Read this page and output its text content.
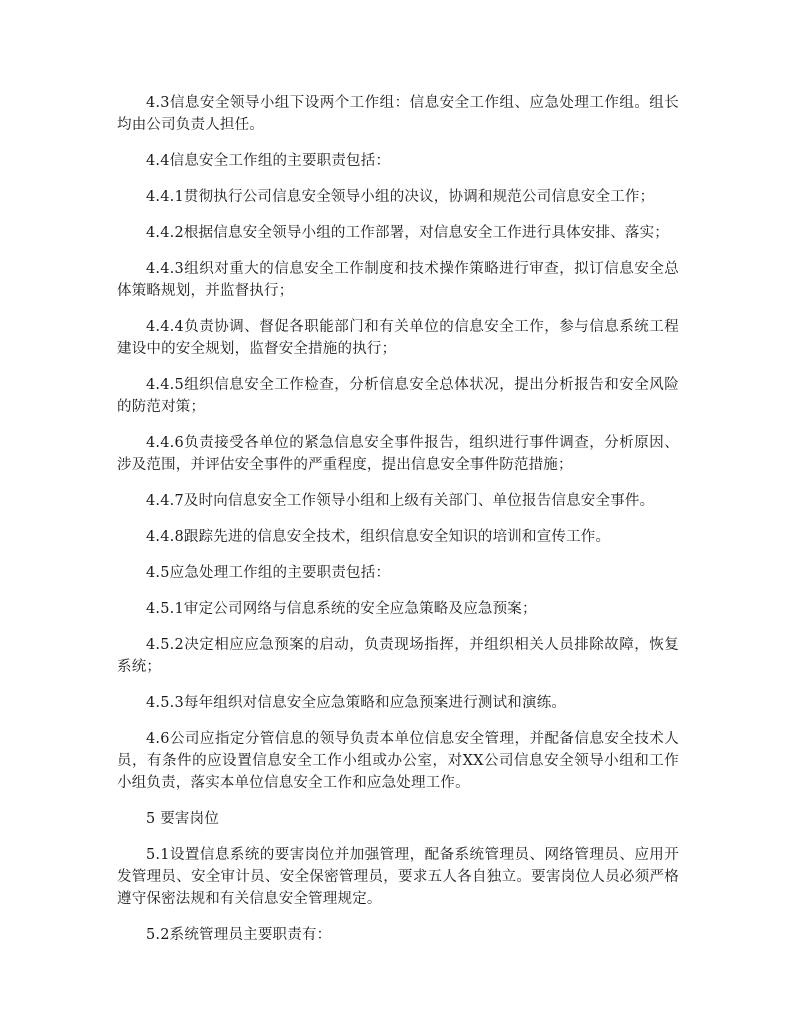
4.3信息安全领导小组下设两个工作组：信息安全工作组、应急处理工作组。组长均由公司负责人担任。

4.4信息安全工作组的主要职责包括：

4.4.1贯彻执行公司信息安全领导小组的决议，协调和规范公司信息安全工作；

4.4.2根据信息安全领导小组的工作部署，对信息安全工作进行具体安排、落实；

4.4.3组织对重大的信息安全工作制度和技术操作策略进行审查，拟订信息安全总体策略规划，并监督执行；

4.4.4负责协调、督促各职能部门和有关单位的信息安全工作，参与信息系统工程建设中的安全规划，监督安全措施的执行；

4.4.5组织信息安全工作检查，分析信息安全总体状况，提出分析报告和安全风险的防范对策；

4.4.6负责接受各单位的紧急信息安全事件报告，组织进行事件调查，分析原因、涉及范围，并评估安全事件的严重程度，提出信息安全事件防范措施；

4.4.7及时向信息安全工作领导小组和上级有关部门、单位报告信息安全事件。

4.4.8跟踪先进的信息安全技术，组织信息安全知识的培训和宣传工作。

4.5应急处理工作组的主要职责包括：

4.5.1审定公司网络与信息系统的安全应急策略及应急预案；

4.5.2决定相应应急预案的启动，负责现场指挥，并组织相关人员排除故障，恢复系统；

4.5.3每年组织对信息安全应急策略和应急预案进行测试和演练。

4.6公司应指定分管信息的领导负责本单位信息安全管理，并配备信息安全技术人员，有条件的应设置信息安全工作小组或办公室，对XX公司信息安全领导小组和工作小组负责，落实本单位信息安全工作和应急处理工作。

5 要害岗位

5.1设置信息系统的要害岗位并加强管理，配备系统管理员、网络管理员、应用开发管理员、安全审计员、安全保密管理员，要求五人各自独立。要害岗位人员必须严格遵守保密法规和有关信息安全管理规定。

5.2系统管理员主要职责有：
